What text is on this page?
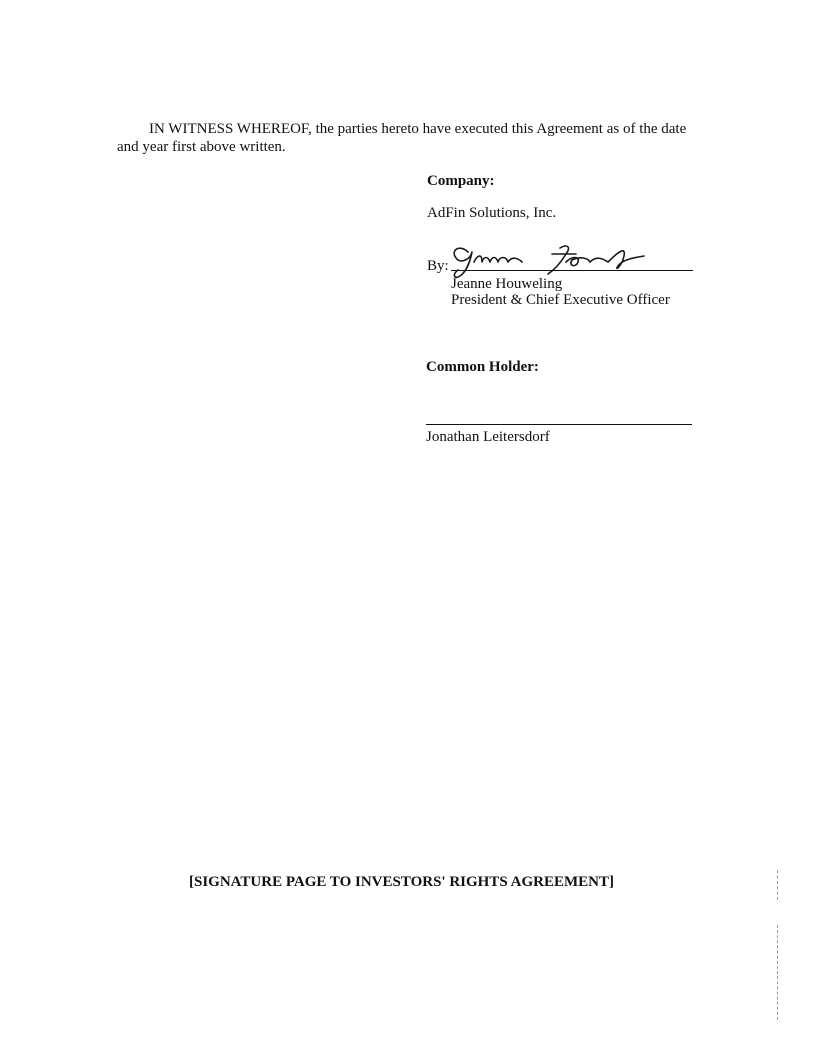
IN WITNESS WHEREOF, the parties hereto have executed this Agreement as of the date
and year first above written.
Company:
AdFin Solutions, Inc.
By:
Jeanne Houweling
President & Chief Executive Officer
Common Holder:
Jonathan Leitersdorf
[SIGNATURE PAGE TO INVESTORS' RIGHTS AGREEMENT]
